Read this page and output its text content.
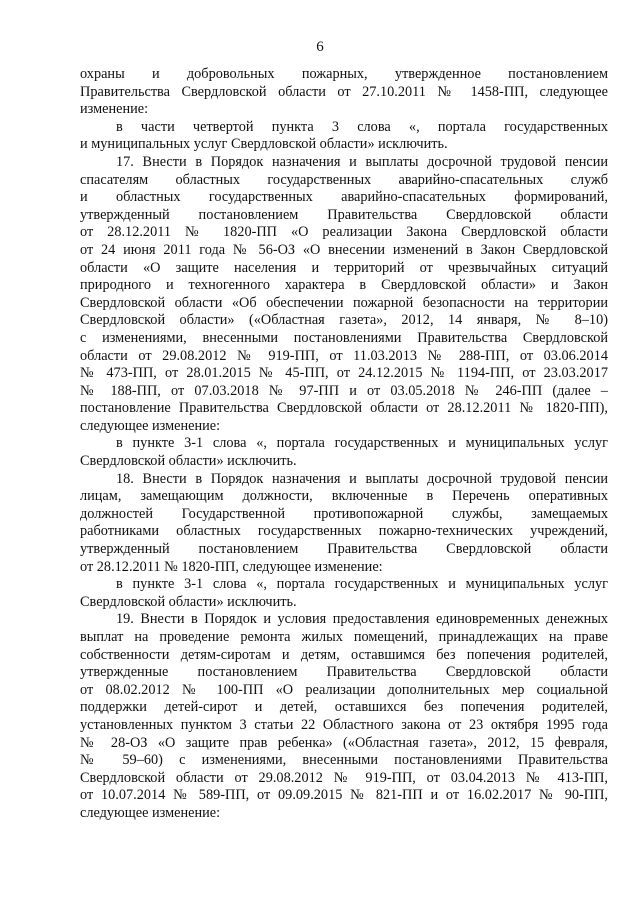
6
охраны и добровольных пожарных, утвержденное постановлением
Правительства Свердловской области от 27.10.2011 № 1458-ПП, следующее
изменение:
в части четвертой пункта 3 слова «, портала государственных
и муниципальных услуг Свердловской области» исключить.
17. Внести в Порядок назначения и выплаты досрочной трудовой пенсии
спасателям областных государственных аварийно-спасательных служб
и областных государственных аварийно-спасательных формирований,
утвержденный постановлением Правительства Свердловской области
от 28.12.2011 № 1820-ПП «О реализации Закона Свердловской области
от 24 июня 2011 года № 56-ОЗ «О внесении изменений в Закон Свердловской
области «О защите населения и территорий от чрезвычайных ситуаций
природного и техногенного характера в Свердловской области» и Закон
Свердловской области «Об обеспечении пожарной безопасности на территории
Свердловской области» («Областная газета», 2012, 14 января, № 8–10)
с изменениями, внесенными постановлениями Правительства Свердловской
области от 29.08.2012 № 919-ПП, от 11.03.2013 № 288-ПП, от 03.06.2014
№ 473-ПП, от 28.01.2015 № 45-ПП, от 24.12.2015 № 1194-ПП, от 23.03.2017
№ 188-ПП, от 07.03.2018 № 97-ПП и от 03.05.2018 № 246-ПП (далее –
постановление Правительства Свердловской области от 28.12.2011 № 1820-ПП),
следующее изменение:
в пункте 3-1 слова «, портала государственных и муниципальных услуг
Свердловской области» исключить.
18. Внести в Порядок назначения и выплаты досрочной трудовой пенсии
лицам, замещающим должности, включенные в Перечень оперативных
должностей Государственной противопожарной службы, замещаемых
работниками областных государственных пожарно-технических учреждений,
утвержденный постановлением Правительства Свердловской области
от 28.12.2011 № 1820-ПП, следующее изменение:
в пункте 3-1 слова «, портала государственных и муниципальных услуг
Свердловской области» исключить.
19. Внести в Порядок и условия предоставления единовременных денежных
выплат на проведение ремонта жилых помещений, принадлежащих на праве
собственности детям-сиротам и детям, оставшимся без попечения родителей,
утвержденные постановлением Правительства Свердловской области
от 08.02.2012 № 100-ПП «О реализации дополнительных мер социальной
поддержки детей-сирот и детей, оставшихся без попечения родителей,
установленных пунктом 3 статьи 22 Областного закона от 23 октября 1995 года
№ 28-ОЗ «О защите прав ребенка» («Областная газета», 2012, 15 февраля,
№ 59–60) с изменениями, внесенными постановлениями Правительства
Свердловской области от 29.08.2012 № 919-ПП, от 03.04.2013 № 413-ПП,
от 10.07.2014 № 589-ПП, от 09.09.2015 № 821-ПП и от 16.02.2017 № 90-ПП,
следующее изменение:
